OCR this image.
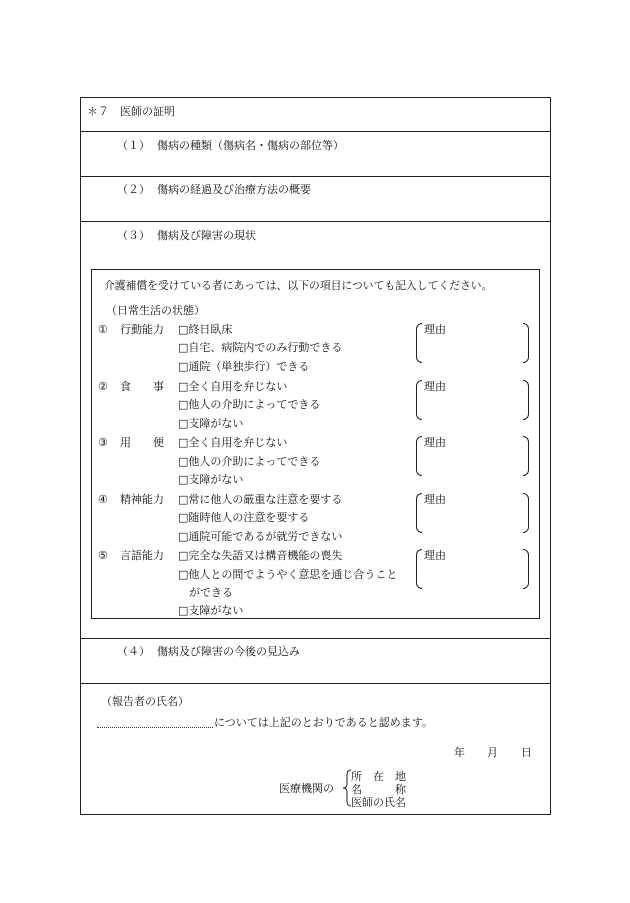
＊７　医師の証明
（１） 傷病の種類（傷病名・傷病の部位等）
（２） 傷病の経過及び治療方法の概要
（３） 傷病及び障害の現状
介護補償を受けている者にあっては、以下の項目についても記入してください。
（日常生活の状態）
① 行動能力 □終日臥床
□自宅、病院内でのみ行動できる
□通院（単独歩行）できる
理由
② 食　　事 □全く自用を弁じない
□他人の介助によってできる
□支障がない
理由
③ 用　　便 □全く自用を弁じない
□他人の介助によってできる
□支障がない
理由
④ 精神能力 □常に他人の厳重な注意を要する
□随時他人の注意を要する
□通院可能であるが就労できない
理由
⑤ 言語能力 □完全な失語又は構音機能の喪失
□他人との間でようやく意思を通じ合うこと
　ができる
□支障がない
理由
（４） 傷病及び障害の今後の見込み
（報告者の氏名）
については上記のとおりであると認めます。
年 月 日
医療機関の
所　在　地
名　　　称
医師の氏名
